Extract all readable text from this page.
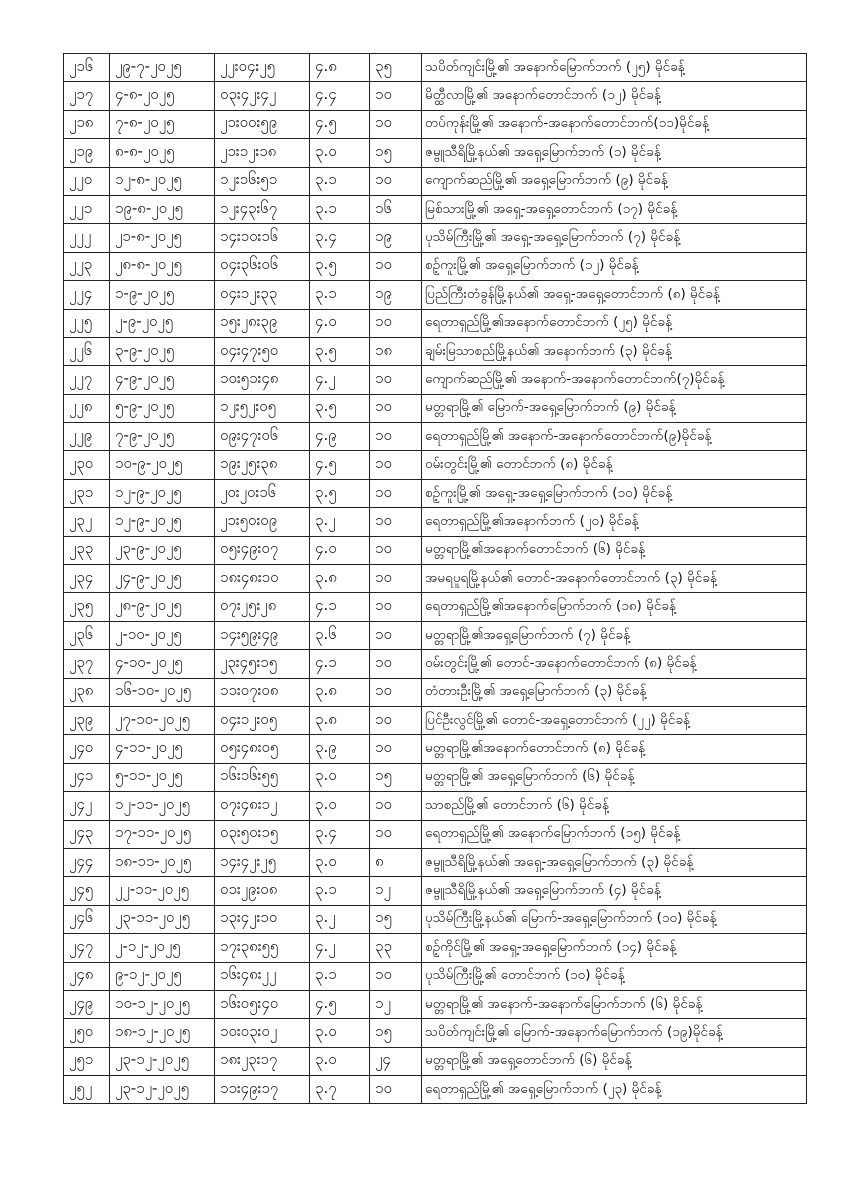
၂၁၆	၂၉-၇-၂၀၂၅	၂၂း၀၄း၂၅	၄.၈	၃၅	သပိတ်ကျင်းမြို့၏ အနောက်မြောက်ဘက် (၂၅) မိုင်ခန့်
၂၁၇	၄-၈-၂၀၂၅	၀၃း၄၂း၄၂	၄.၄	၁၀	မိတ္ထီလာမြို့၏ အနောက်တောင်ဘက် (၁၂) မိုင်ခန့်
၂၁၈	၇-၈-၂၀၂၅	၂၁း၀၀း၅၉	၄.၅	၁၀	တပ်ကုန်းမြို့၏ အနောက်-အနောက်တောင်ဘက်(၁၁)မိုင်ခန့်
၂၁၉	၈-၈-၂၀၂၅	၂၁း၁၂း၁၈	၃.၀	၁၅	ဇမ္ဗူသီရိမြို့နယ်၏ အရှေ့မြောက်ဘက် (၁) မိုင်ခန့်
၂၂၀	၁၂-၈-၂၀၂၅	၁၂း၁၆း၅၁	၃.၁	၁၀	ကျောက်ဆည်မြို့၏ အရှေ့မြောက်ဘက် (၉) မိုင်ခန့်
၂၂၁	၁၉-၈-၂၀၂၅	၁၂း၄၃း၆၇	၃.၁	၁၆	မြစ်သားမြို့၏ အရှေ့-အရှေ့တောင်ဘက် (၁၇) မိုင်ခန့်
၂၂၂	၂၁-၈-၂၀၂၅	၁၄း၁၀း၁၆	၃.၄	၁၉	ပုသိမ်ကြီးမြို့၏ အရှေ့-အရှေ့မြောက်ဘက် (၇) မိုင်ခန့်
၂၂၃	၂၈-၈-၂၀၂၅	၀၄း၃၆း၀၆	၃.၅	၁၀	စဉ့်ကူးမြို့၏ အရှေ့မြောက်ဘက် (၁၂) မိုင်ခန့်
၂၂၄	၁-၉-၂၀၂၅	၀၄း၁၂း၃၃	၃.၁	၁၉	ပြည်ကြီးတံခွန်မြို့နယ်၏ အရှေ့-အရှေ့တောင်ဘက် (၈) မိုင်ခန့်
၂၂၅	၂-၉-၂၀၂၅	၁၅း၂၈း၃၉	၄.၀	၁၀	ရေတာရှည်မြို့၏အနောက်တောင်ဘက် (၂၅) မိုင်ခန့်
၂၂၆	၃-၉-၂၀၂၅	၀၄း၄၇း၅၀	၃.၅	၁၈	ချမ်းမြသာစည်မြို့နယ်၏ အနောက်ဘက် (၃) မိုင်ခန့်
၂၂၇	၄-၉-၂၀၂၅	၁၀း၅၁း၄၈	၄.၂	၁၀	ကျောက်ဆည်မြို့၏ အနောက်-အနောက်တောင်ဘက်(၇)မိုင်ခန့်
၂၂၈	၅-၉-၂၀၂၅	၁၂း၅၂း၀၅	၃.၅	၁၀	မတ္တရာမြို့၏ မြောက်-အရှေ့မြောက်ဘက် (၉) မိုင်ခန့်
၂၂၉	၇-၉-၂၀၂၅	၀၉း၄၇း၀၆	၄.၉	၁၀	ရေတာရှည်မြို့၏ အနောက်-အနောက်တောင်ဘက်(၉)မိုင်ခန့်
၂၃၀	၁၀-၉-၂၀၂၅	၁၉း၂၅း၃၈	၄.၅	၁၀	ဝမ်းတွင်းမြို့၏ တောင်ဘက် (၈) မိုင်ခန့်
၂၃၁	၁၂-၉-၂၀၂၅	၂၀း၂၀း၁၆	၃.၅	၁၀	စဉ့်ကူးမြို့၏ အရှေ့-အရှေ့မြောက်ဘက် (၁၀) မိုင်ခန့်
၂၃၂	၁၂-၉-၂၀၂၅	၂၁း၅၀း၀၉	၃.၂	၁၀	ရေတာရှည်မြို့၏အနောက်ဘက် (၂၀) မိုင်ခန့်
၂၃၃	၂၃-၉-၂၀၂၅	၀၅း၄၉း၀၇	၄.၀	၁၀	မတ္တရာမြို့၏အနောက်တောင်ဘက် (၆) မိုင်ခန့်
၂၃၄	၂၄-၉-၂၀၂၅	၁၈း၄၈း၁၀	၃.၈	၁၀	အမရပူရမြို့နယ်၏ တောင်-အနောက်တောင်ဘက် (၃) မိုင်ခန့်
၂၃၅	၂၈-၉-၂၀၂၅	၀၇း၂၅း၂၈	၄.၁	၁၀	ရေတာရှည်မြို့၏အနောက်မြောက်ဘက် (၁၈) မိုင်ခန့်
၂၃၆	၂-၁၀-၂၀၂၅	၁၄း၅၉း၄၉	၃.၆	၁၀	မတ္တရာမြို့၏အရှေ့မြောက်ဘက် (၇) မိုင်ခန့်
၂၃၇	၄-၁၀-၂၀၂၅	၂၃း၄၅း၁၅	၄.၁	၁၀	ဝမ်းတွင်းမြို့၏ တောင်-အနောက်တောင်ဘက် (၈) မိုင်ခန့်
၂၃၈	၁၆-၁၀-၂၀၂၅	၁၁း၀၇း၀၈	၃.၈	၁၀	တံတားဦးမြို့၏ အရှေ့မြောက်ဘက် (၃) မိုင်ခန့်
၂၃၉	၂၇-၁၀-၂၀၂၅	၀၄း၁၂း၀၅	၃.၈	၁၀	ပြင်ဦးလွင်မြို့၏ တောင်-အရှေ့တောင်ဘက် (၂၂) မိုင်ခန့်
၂၄၀	၄-၁၁-၂၀၂၅	၀၅း၄၈း၀၅	၃.၉	၁၀	မတ္တရာမြို့၏အနောက်တောင်ဘက် (၈) မိုင်ခန့်
၂၄၁	၅-၁၁-၂၀၂၅	၁၆း၁၆း၅၅	၃.၀	၁၅	မတ္တရာမြို့၏ အရှေ့မြောက်ဘက် (၆) မိုင်ခန့်
၂၄၂	၁၂-၁၁-၂၀၂၅	၀၇း၄၈း၁၂	၃.၀	၁၀	သာစည်မြို့၏ တောင်ဘက် (၆) မိုင်ခန့်
၂၄၃	၁၇-၁၁-၂၀၂၅	၀၃း၅၀း၁၅	၃.၄	၁၀	ရေတာရှည်မြို့၏ အနောက်မြောက်ဘက် (၁၅) မိုင်ခန့်
၂၄၄	၁၈-၁၁-၂၀၂၅	၁၄း၄၂း၂၅	၃.၀	၈	ဇမ္ဗူသီရိမြို့နယ်၏ အရှေ့-အရှေ့မြောက်ဘက် (၃) မိုင်ခန့်
၂၄၅	၂၂-၁၁-၂၀၂၅	၀၁း၂၉း၀၈	၃.၁	၁၂	ဇမ္ဗူသီရိမြို့နယ်၏ အရှေ့မြောက်ဘက် (၄) မိုင်ခန့်
၂၄၆	၂၃-၁၁-၂၀၂၅	၁၃း၄၂း၁၀	၃.၂	၁၅	ပုသိမ်ကြီးမြို့နယ်၏ မြောက်-အရှေ့မြောက်ဘက် (၁၀) မိုင်ခန့်
၂၄၇	၂-၁၂-၂၀၂၅	၁၇း၃၈း၅၅	၄.၂	၃၃	စဉ့်ကိုင်မြို့၏ အရှေ့-အရှေ့မြောက်ဘက် (၁၄) မိုင်ခန့်
၂၄၈	၉-၁၂-၂၀၂၅	၁၆း၄၈း၂၂	၃.၁	၁၀	ပုသိမ်ကြီးမြို့၏ တောင်ဘက် (၁၀) မိုင်ခန့်
၂၄၉	၁၀-၁၂-၂၀၂၅	၁၆း၀၅း၄၀	၄.၅	၁၂	မတ္တရာမြို့၏ အနောက်-အနောက်မြောက်ဘက် (၆) မိုင်ခန့်
၂၅၀	၁၈-၁၂-၂၀၂၅	၁၀း၀၃း၀၂	၃.၀	၁၅	သပိတ်ကျင်းမြို့၏ မြောက်-အနောက်မြောက်ဘက် (၁၉)မိုင်ခန့်
၂၅၁	၂၃-၁၂-၂၀၂၅	၁၈း၂၃း၁၇	၃.၀	၂၄	မတ္တရာမြို့၏ အရှေ့တောင်ဘက် (၆) မိုင်ခန့်
၂၅၂	၂၃-၁၂-၂၀၂၅	၁၁း၄၉း၁၇	၃.၇	၁၀	ရေတာရှည်မြို့၏ အရှေ့မြောက်ဘက် (၂၃) မိုင်ခန့်
